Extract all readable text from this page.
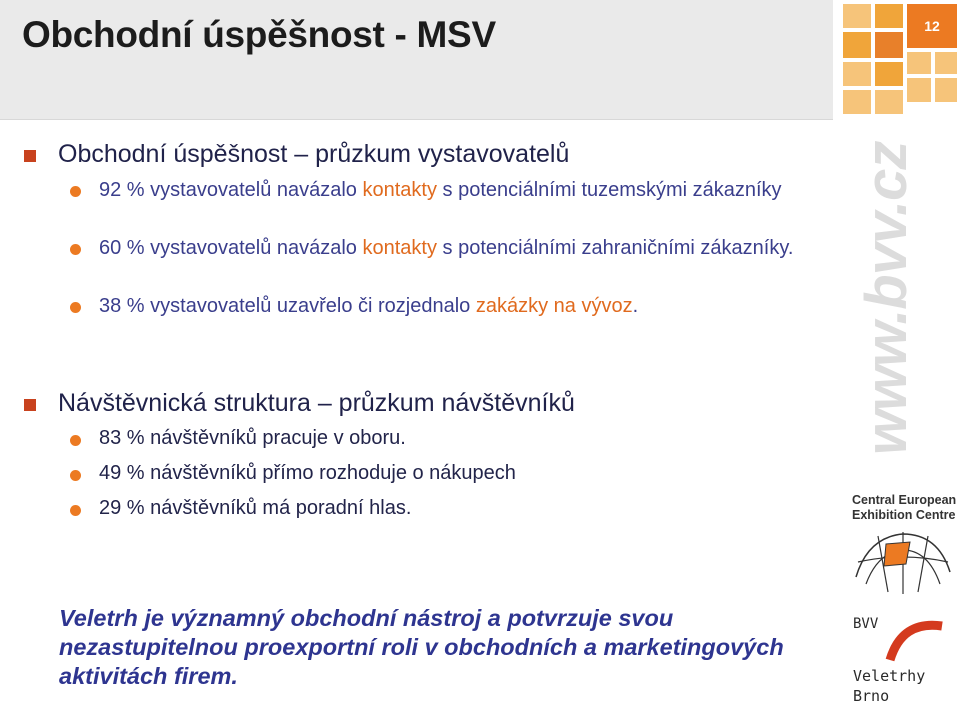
Obchodní úspěšnost - MSV	12
Obchodní úspěšnost – průzkum vystavovatelů
92 % vystavovatelů navázalo kontakty s potenciálními tuzemskými zákazníky
60 % vystavovatelů navázalo kontakty s potenciálními zahraničními zákazníky.
38 % vystavovatelů uzavřelo či rozjednalo zakázky na vývoz.
Návštěvnická struktura – průzkum návštěvníků
83 % návštěvníků pracuje v oboru.
49 % návštěvníků přímo rozhoduje o nákupech
29 % návštěvníků má poradní hlas.
Veletrh je významný obchodní nástroj a potvrzuje svou nezastupitelnou proexportní roli v obchodních a marketingových aktivitách firem.
www.bvv.cz
Central European
Exhibition Centre
BVV
Veletrhy
Brno
